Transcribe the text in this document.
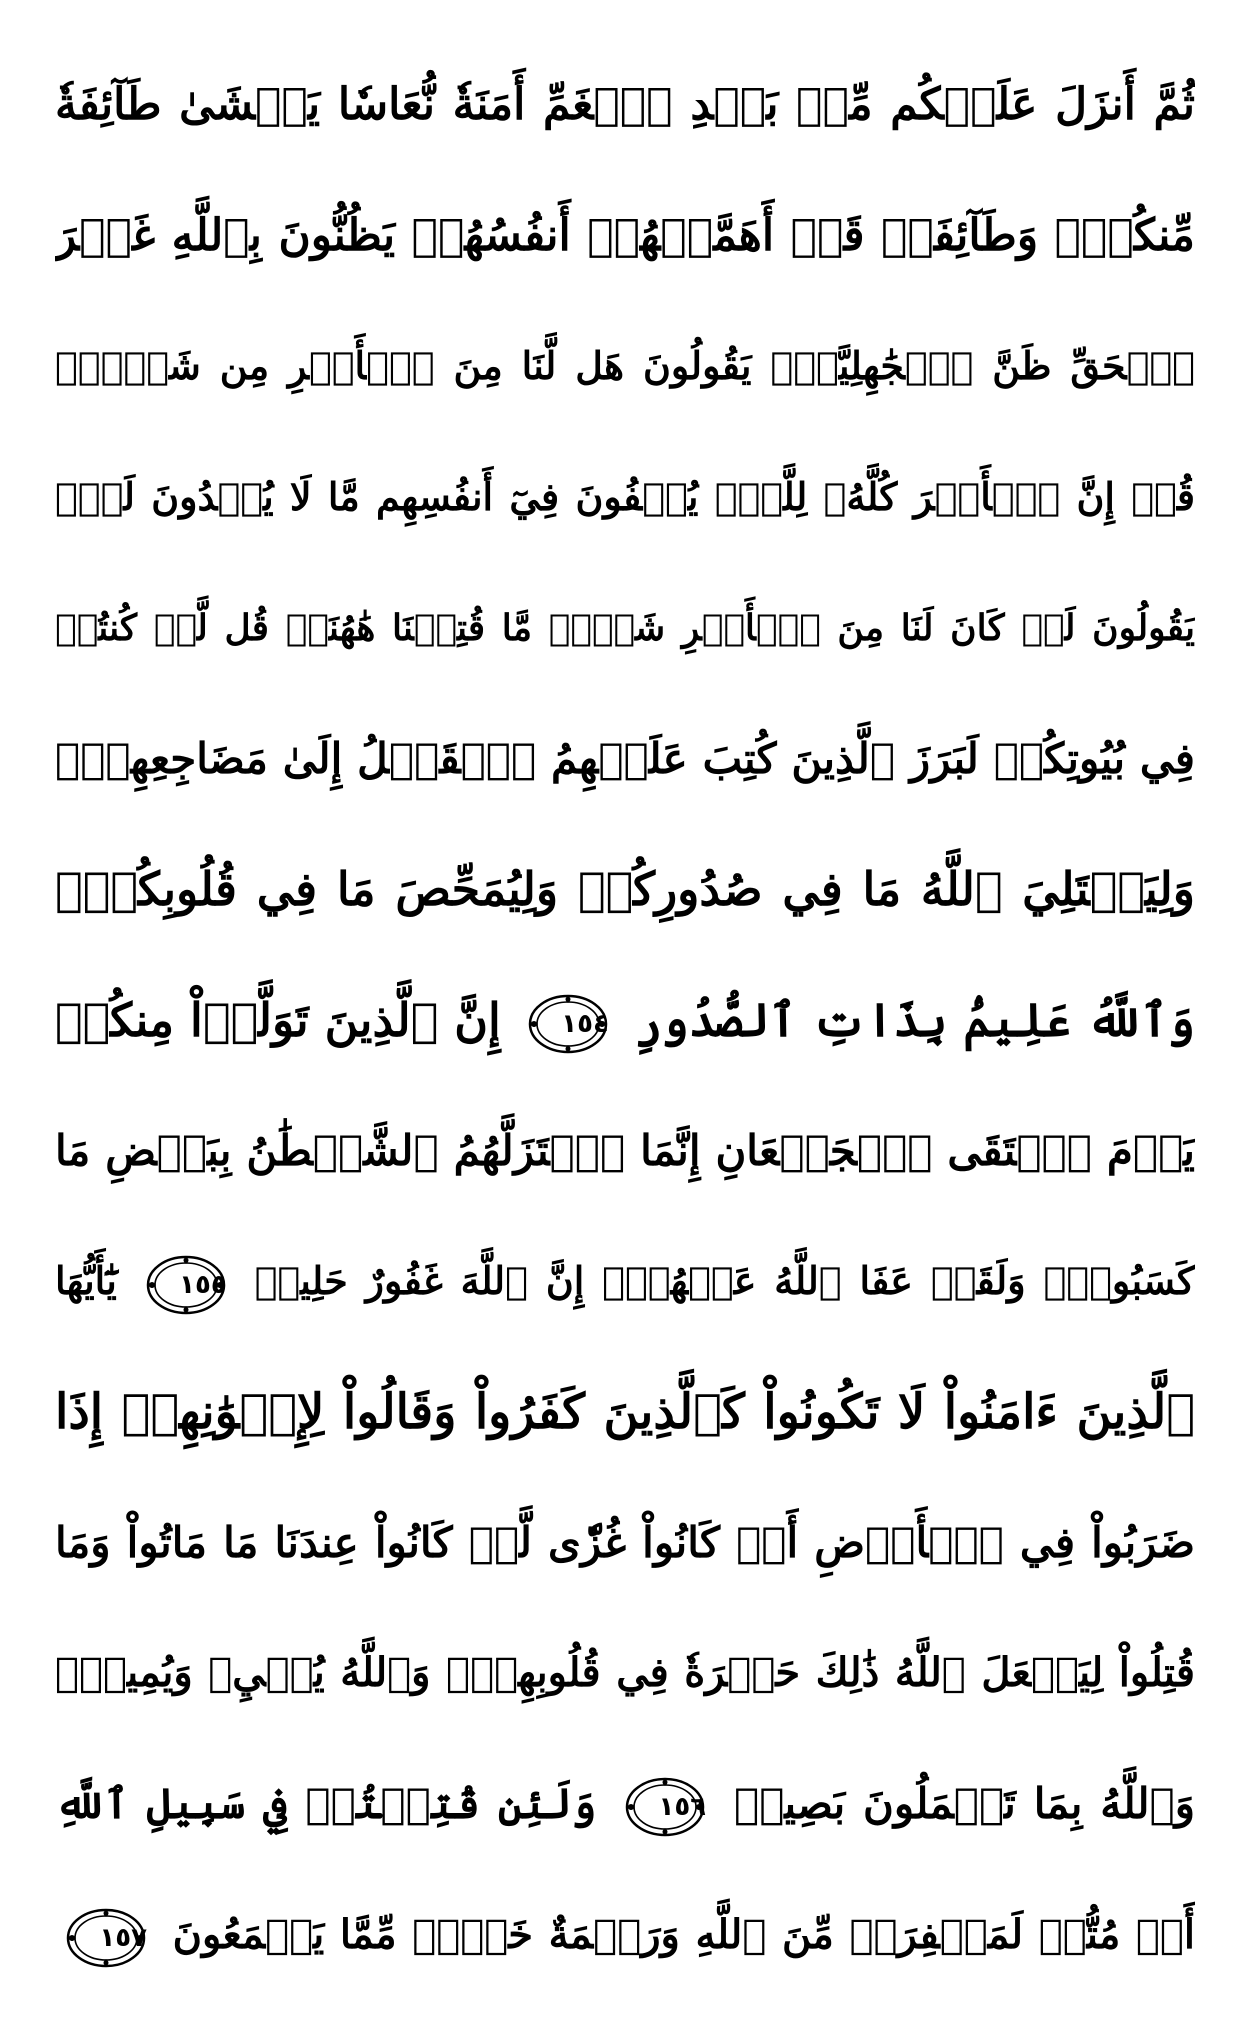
ثُمَّ أَنزَلَ عَلَيۡكُم مِّنۢ بَعۡدِ ٱلۡغَمِّ أَمَنَةٗ نُّعَاسٗا يَغۡشَىٰ طَآئِفَةٗ
مِّنكُمۡۖ وَطَآئِفَةٞ قَدۡ أَهَمَّتۡهُمۡ أَنفُسُهُمۡ يَظُنُّونَ بِٱللَّهِ غَيۡرَ
ٱلۡحَقِّ ظَنَّ ٱلۡجَٰهِلِيَّةِۖ يَقُولُونَ هَل لَّنَا مِنَ ٱلۡأَمۡرِ مِن شَيۡءٖۗ
قُلۡ إِنَّ ٱلۡأَمۡرَ كُلَّهُۥ لِلَّهِۗ يُخۡفُونَ فِيٓ أَنفُسِهِم مَّا لَا يُبۡدُونَ لَكَۖ
يَقُولُونَ لَوۡ كَانَ لَنَا مِنَ ٱلۡأَمۡرِ شَيۡءٞ مَّا قُتِلۡنَا هَٰهُنَاۗ قُل لَّوۡ كُنتُمۡ
فِي بُيُوتِكُمۡ لَبَرَزَ ٱلَّذِينَ كُتِبَ عَلَيۡهِمُ ٱلۡقَتۡلُ إِلَىٰ مَضَاجِعِهِمۡۖ
وَلِيَبۡتَلِيَ ٱللَّهُ مَا فِي صُدُورِكُمۡ وَلِيُمَحِّصَ مَا فِي قُلُوبِكُمۡۚ
وَٱللَّهُ عَلِيمُۢ بِذَاتِ ٱلصُّدُورِ
١٥٤
إِنَّ ٱلَّذِينَ تَوَلَّوۡاْ مِنكُمۡ
يَوۡمَ ٱلۡتَقَى ٱلۡجَمۡعَانِ إِنَّمَا ٱسۡتَزَلَّهُمُ ٱلشَّيۡطَٰنُ بِبَعۡضِ مَا
كَسَبُواْۖ وَلَقَدۡ عَفَا ٱللَّهُ عَنۡهُمۡۗ إِنَّ ٱللَّهَ غَفُورٌ حَلِيمٞ
١٥٥
يَٰٓأَيُّهَا
ٱلَّذِينَ ءَامَنُواْ لَا تَكُونُواْ كَٱلَّذِينَ كَفَرُواْ وَقَالُواْ لِإِخۡوَٰنِهِمۡ إِذَا
ضَرَبُواْ فِي ٱلۡأَرۡضِ أَوۡ كَانُواْ غُزّٗى لَّوۡ كَانُواْ عِندَنَا مَا مَاتُواْ وَمَا
قُتِلُواْ لِيَجۡعَلَ ٱللَّهُ ذَٰلِكَ حَسۡرَةٗ فِي قُلُوبِهِمۡۗ وَٱللَّهُ يُحۡيِۦ وَيُمِيتُۗ
وَٱللَّهُ بِمَا تَعۡمَلُونَ بَصِيرٞ
١٥٦
وَلَئِن قُتِلۡتُمۡ فِي سَبِيلِ ٱللَّهِ
أَوۡ مُتُّمۡ لَمَغۡفِرَةٞ مِّنَ ٱللَّهِ وَرَحۡمَةٌ خَيۡرٞ مِّمَّا يَجۡمَعُونَ
١٥٧
